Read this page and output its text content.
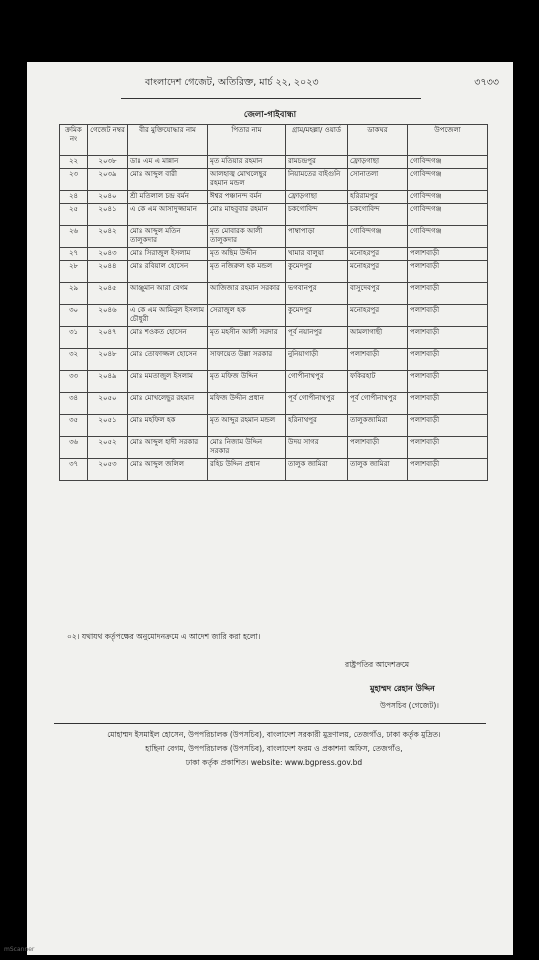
বাংলাদেশ গেজেট, অতিরিক্ত, মার্চ ২২, ২০২৩	৩৭৩৩
জেলা-গাইবান্ধা
ক্রমিক নং	গেজেট নম্বর	বীর মুক্তিযোদ্ধার নাম	পিতার নাম	গ্রাম/মহল্লা/ ওয়ার্ড	ডাকঘর	উপজেলা
২২	২০৩৮	ডাঃ এম এ মান্নান	মৃত মতিয়ার রহমান	রামচন্দ্রপুর	ফ্রোড়গাছা	গোবিন্দগঞ্জ
২৩	২০৩৯	মোঃ আব্দুল বারী	আলহাজ্ব মোখলেছুর রহমান মন্ডল	নিয়ামতের বাইগুনি	সোনাতলা	গোবিন্দগঞ্জ
২৪	২০৪০	শ্রী মতিলাল চন্দ্র বর্মন	ঈশ্বর পঞ্চানন্দ বর্মন	ফ্রোড়গাছা	হরিরামপুর	গোবিন্দগঞ্জ
২৫	২০৪১	এ কে এম আসাদুজ্জামান	মোঃ মাহবুবার রহমান	চকগোবিন্দ	চকগোবিন্দ	গোবিন্দগঞ্জ
২৬	২০৪২	মোঃ আব্দুল মতিন তালুকদার	মৃত মোবারক আলী তালুকদার	পাম্বাপাড়া	গোবিন্দগঞ্জ	গোবিন্দগঞ্জ
২৭	২০৪৩	মোঃ সিরাজুল ইসলাম	মৃত অছিম উদ্দীন	খামার বালুয়া	মনোহরপুর	পলাশবাড়ী
২৮	২০৪৪	মোঃ রবিয়াল হোসেন	মৃত নজিরুল হক মন্ডল	কুমেদপুর	মনোহরপুর	পলাশবাড়ী
২৯	২০৪৫	আঞ্জুমান আরা বেগম	আজিজার রহমান সরকার	ভগবানপুর	বাসুদেবপুর	পলাশবাড়ী
৩০	২০৪৬	এ কে এম আমিনুল ইসলাম চৌধুরী	সেরাজুল হক	কুমেদপুর	মনোহরপুর	পলাশবাড়ী
৩১	২০৪৭	মোঃ শওকত হোসেন	মৃত মহসীন আলী সরদার	পূর্ব নয়ানপুর	আমলাগাছী	পলাশবাড়ী
৩২	২০৪৮	মোঃ তোফাজ্জল হোসেন	সাফায়েত উল্লা সরকার	নুনিয়াগাড়ী	পলাশবাড়ী	পলাশবাড়ী
৩৩	২০৪৯	মোঃ মমতাজুল ইসলাম	মৃত মফিজ উদ্দিন	গোপীনাথপুর	ফকিরহাট	পলাশবাড়ী
৩৪	২০৫০	মোঃ মোখলেছুর রহমান	মফিজ উদ্দীন প্রধান	পূর্ব গোপীনাথপুর	পূর্ব গোপীনাথপুর	পলাশবাড়ী
৩৫	২০৫১	মোঃ মহফিল হক	মৃত আব্দুর রহমান মন্ডল	হরিনাথপুর	তালুকজামিরা	পলাশবাড়ী
৩৬	২০৫২	মোঃ আব্দুল হাদী সরকার	মোঃ নিজাম উদ্দিন সরকার	উদয় সাগর	পলাশবাড়ী	পলাশবাড়ী
৩৭	২০৫৩	মোঃ আব্দুল জলিল	রহিচ উদ্দিন প্রধান	তালুক জামিরা	তালুক জামিরা	পলাশবাড়ী
০২। যথাযথ কর্তৃপক্ষের অনুমোদনক্রমে এ আদেশ জারি করা হলো।
রাষ্ট্রপতির আদেশক্রমে
মুহাম্মদ রেহান উদ্দিন
উপসচিব (গেজেট)।
মোহাম্মদ ইসমাইল হোসেন, উপপরিচালক (উপসচিব), বাংলাদেশ সরকারী মুদ্রণালয়, তেজগাঁও, ঢাকা কর্তৃক মুদ্রিত।
হাছিনা বেগম, উপপরিচালক (উপসচিব), বাংলাদেশ ফরম ও প্রকাশনা অফিস, তেজগাঁও,
ঢাকা কর্তৃক প্রকাশিত। website: www.bgpress.gov.bd
mScanner
